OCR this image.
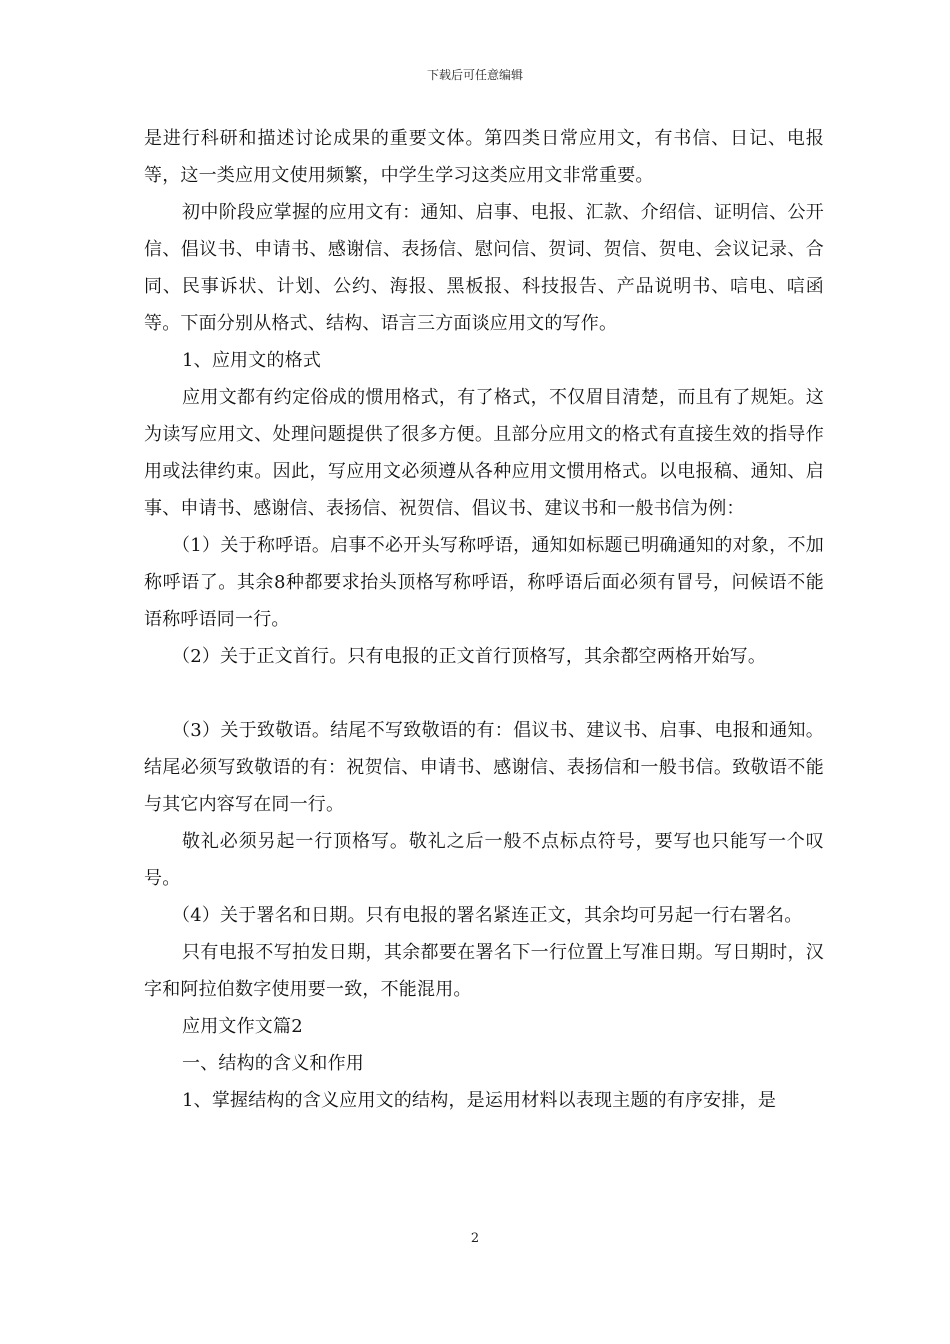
下载后可任意编辑

是进行科研和描述讨论成果的重要文体。第四类日常应用文，有书信、日记、电报等，这一类应用文使用频繁，中学生学习这类应用文非常重要。

初中阶段应掌握的应用文有：通知、启事、电报、汇款、介绍信、证明信、公开信、倡议书、申请书、感谢信、表扬信、慰问信、贺词、贺信、贺电、会议记录、合同、民事诉状、计划、公约、海报、黑板报、科技报告、产品说明书、唁电、唁函等。下面分别从格式、结构、语言三方面谈应用文的写作。

1、应用文的格式

应用文都有约定俗成的惯用格式，有了格式，不仅眉目清楚，而且有了规矩。这为读写应用文、处理问题提供了很多方便。且部分应用文的格式有直接生效的指导作用或法律约束。因此，写应用文必须遵从各种应用文惯用格式。以电报稿、通知、启事、申请书、感谢信、表扬信、祝贺信、倡议书、建议书和一般书信为例：

（1）关于称呼语。启事不必开头写称呼语，通知如标题已明确通知的对象，不加称呼语了。其余8种都要求抬头顶格写称呼语，称呼语后面必须有冒号，问候语不能语称呼语同一行。

（2）关于正文首行。只有电报的正文首行顶格写，其余都空两格开始写。

（3）关于致敬语。结尾不写致敬语的有：倡议书、建议书、启事、电报和通知。结尾必须写致敬语的有：祝贺信、申请书、感谢信、表扬信和一般书信。致敬语不能与其它内容写在同一行。

敬礼必须另起一行顶格写。敬礼之后一般不点标点符号，要写也只能写一个叹号。

（4）关于署名和日期。只有电报的署名紧连正文，其余均可另起一行右署名。

只有电报不写拍发日期，其余都要在署名下一行位置上写准日期。写日期时，汉字和阿拉伯数字使用要一致，不能混用。

应用文作文篇2

一、结构的含义和作用

1、掌握结构的含义应用文的结构，是运用材料以表现主题的有序安排，是

2
